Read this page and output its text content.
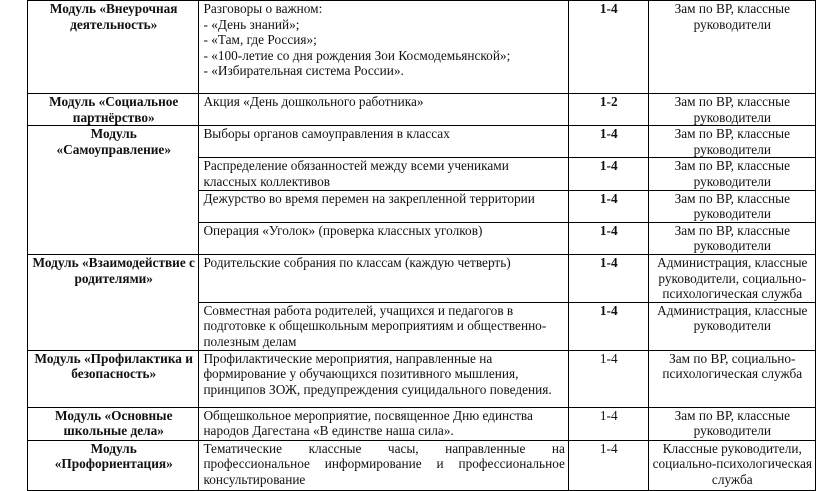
Модуль «Внеурочная
деятельность»	Разговоры о важном:
- «День знаний»;
- «Там, где Россия»;
- «100-летие со дня рождения Зои Космодемьянской»;
- «Избирательная система России».	1-4	Зам по ВР, классные
руководители

Модуль «Социальное
партнёрство»	Акция «День дошкольного работника»	1-2	Зам по ВР, классные
руководители

Модуль «Самоуправление»	Выборы органов самоуправления в классах	1-4	Зам по ВР, классные
руководители

	Распределение обязанностей между всеми учениками
классных коллективов	1-4	Зам по ВР, классные
руководители

	Дежурство во время перемен на закрепленной территории	1-4	Зам по ВР, классные
руководители

	Операция «Уголок» (проверка классных уголков)	1-4	Зам по ВР, классные
руководители

Модуль «Взаимодействие с
родителями»	Родительские собрания по классам (каждую четверть)	1-4	Администрация, классные
руководители, социально-
психологическая служба

	Совместная работа родителей, учащихся и педагогов в
подготовке к общешкольным мероприятиям и общественно-
полезным делам	1-4	Администрация, классные
руководители

Модуль «Профилактика и
безопасность»	Профилактические мероприятия, направленные на
формирование у обучающихся позитивного мышления,
принципов ЗОЖ, предупреждения суицидального поведения.	1-4	Зам по ВР, социально-
психологическая служба

Модуль «Основные
школьные дела»	Общешкольное мероприятие, посвященное Дню единства
народов Дагестана «В единстве наша сила».	1-4	Зам по ВР, классные
руководители

Модуль «Профориентация»	Тематические классные часы, направленные на
профессиональное информирование и профессиональное
консультирование	1-4	Классные руководители,
социально-психологическая
служба
